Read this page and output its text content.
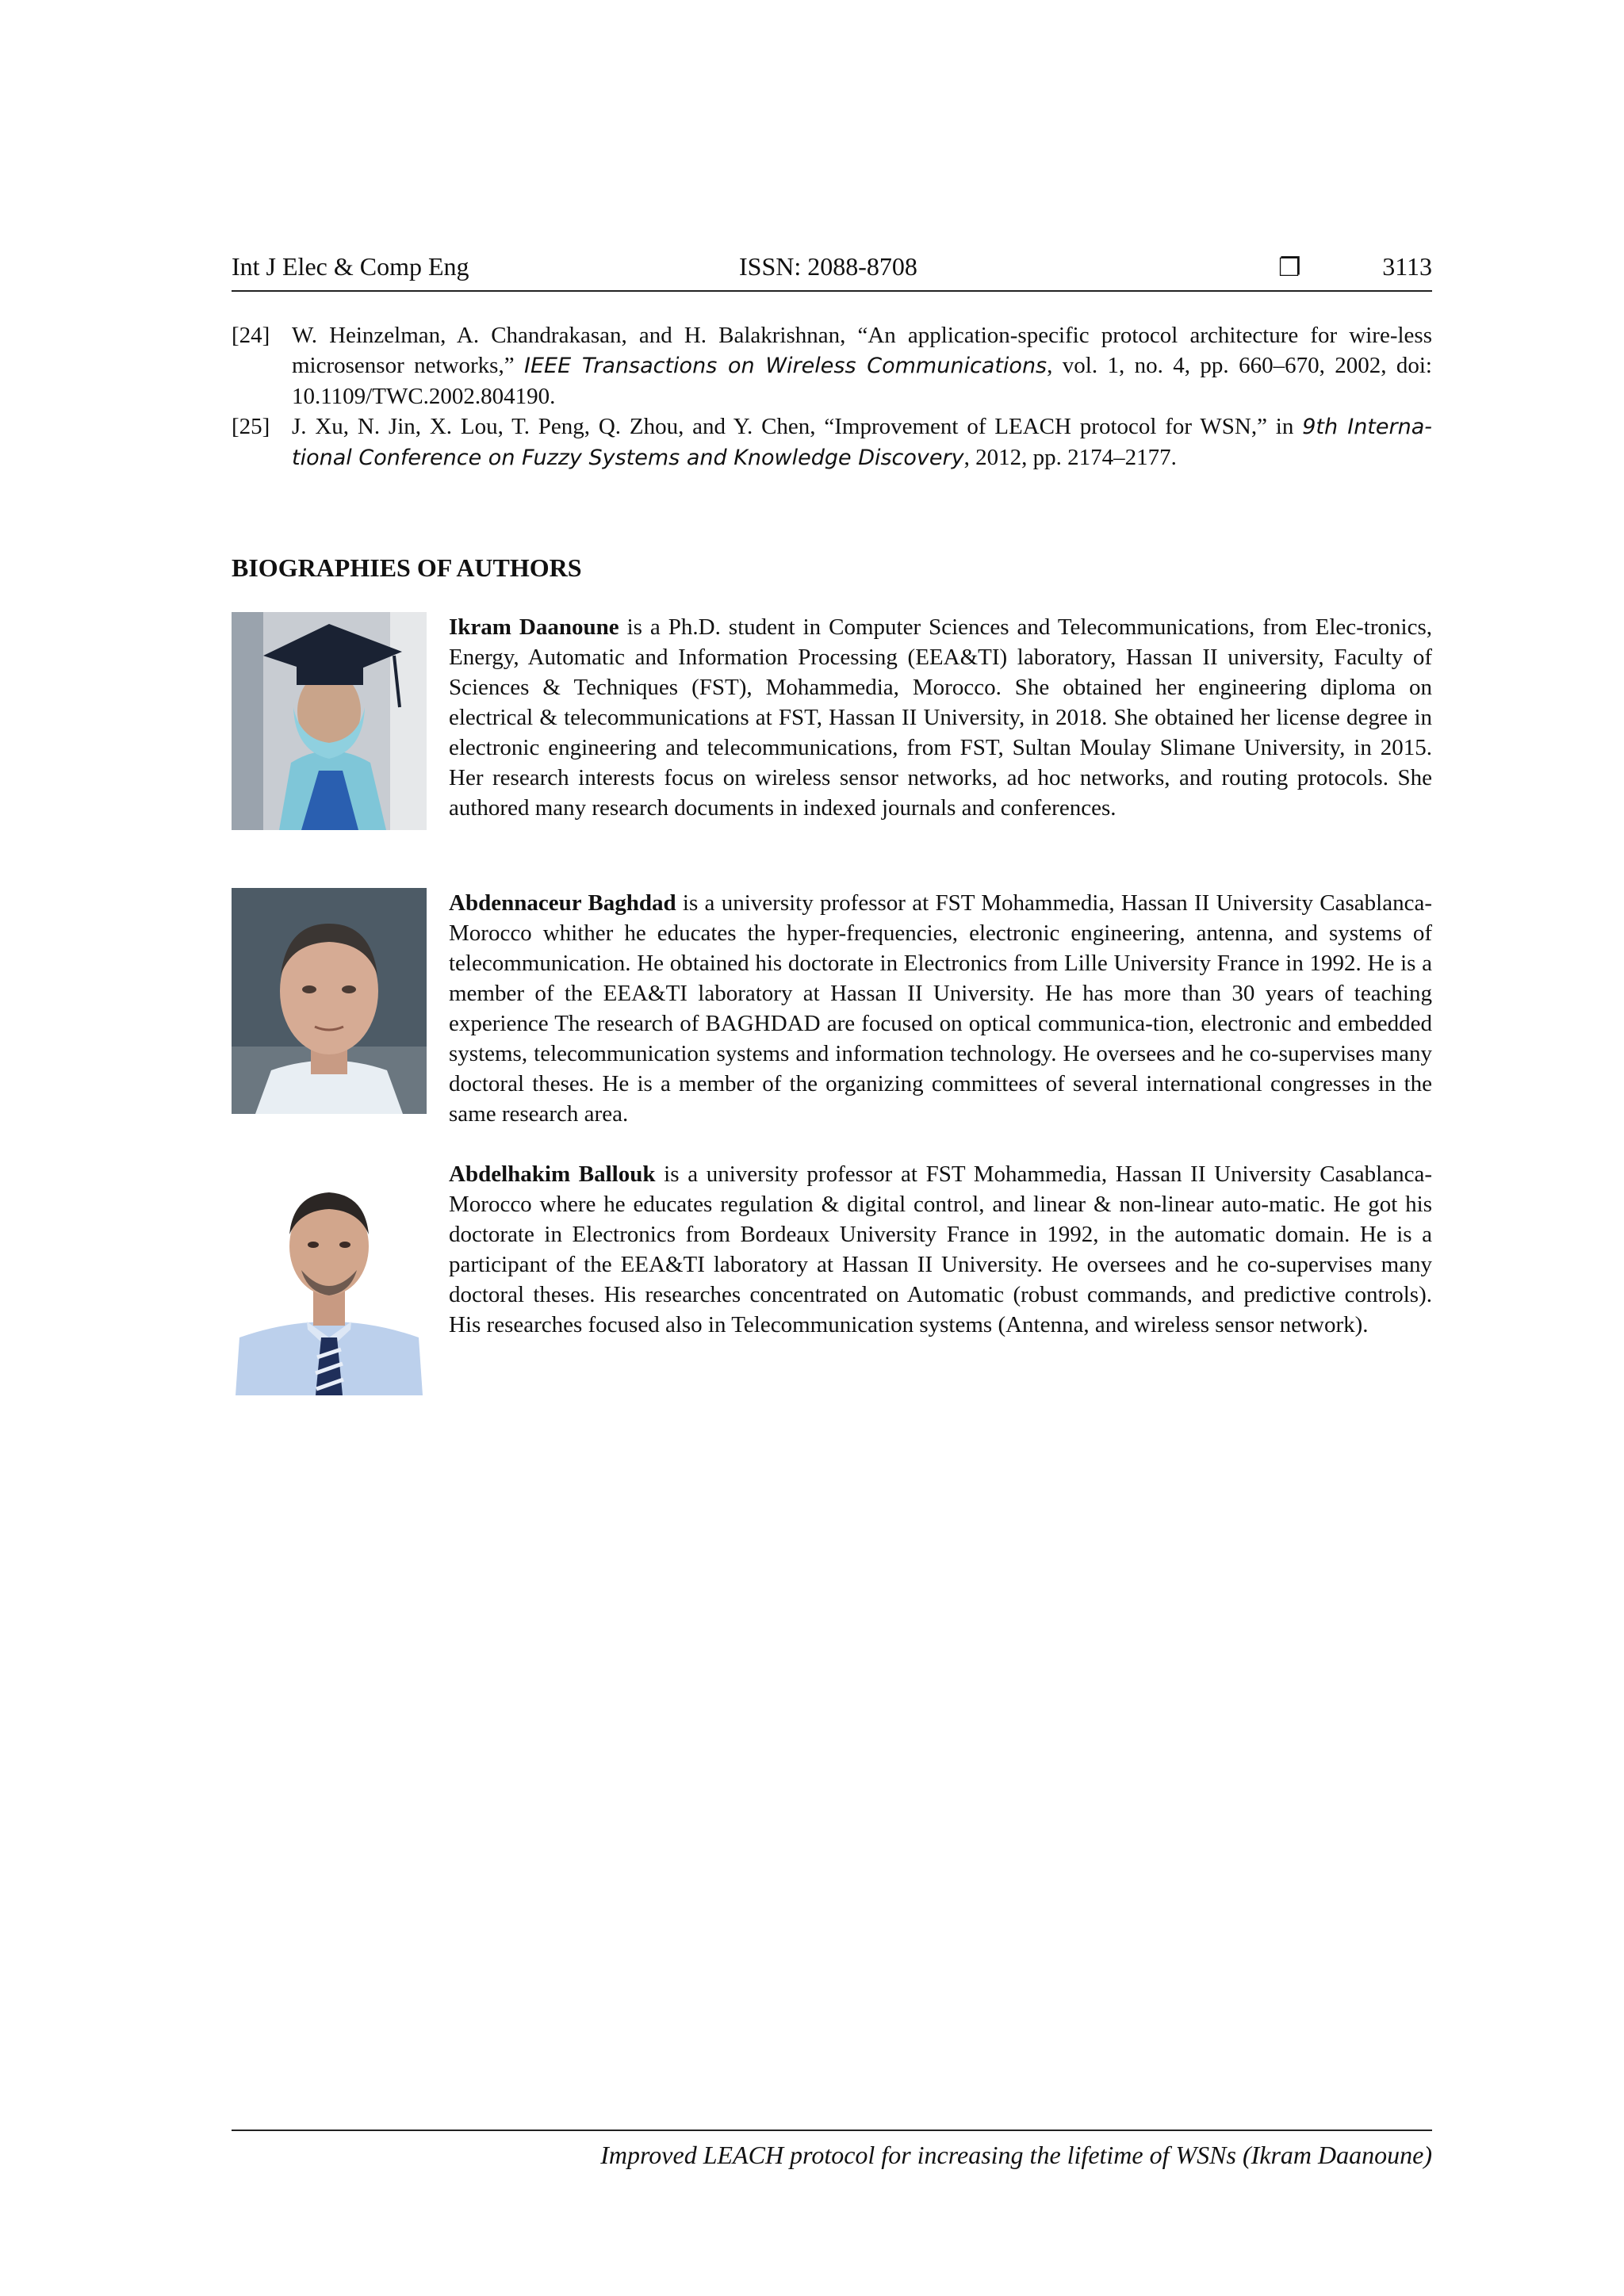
Int J Elec & Comp Eng	ISSN: 2088-8708	❐	3113
[24] W. Heinzelman, A. Chandrakasan, and H. Balakrishnan, “An application-specific protocol architecture for wire-less microsensor networks,” IEEE Transactions on Wireless Communications, vol. 1, no. 4, pp. 660–670, 2002, doi: 10.1109/TWC.2002.804190.
[25] J. Xu, N. Jin, X. Lou, T. Peng, Q. Zhou, and Y. Chen, “Improvement of LEACH protocol for WSN,” in 9th Interna-tional Conference on Fuzzy Systems and Knowledge Discovery, 2012, pp. 2174–2177.
BIOGRAPHIES OF AUTHORS

Ikram Daanoune is a Ph.D. student in Computer Sciences and Telecommunications, from Elec-tronics, Energy, Automatic and Information Processing (EEA&TI) laboratory, Hassan II university, Faculty of Sciences & Techniques (FST), Mohammedia, Morocco. She obtained her engineering diploma on electrical & telecommunications at FST, Hassan II University, in 2018. She obtained her license degree in electronic engineering and telecommunications, from FST, Sultan Moulay Slimane University, in 2015. Her research interests focus on wireless sensor networks, ad hoc networks, and routing protocols. She authored many research documents in indexed journals and conferences.

Abdennaceur Baghdad is a university professor at FST Mohammedia, Hassan II University Casablanca-Morocco whither he educates the hyper-frequencies, electronic engineering, antenna, and systems of telecommunication. He obtained his doctorate in Electronics from Lille University France in 1992. He is a member of the EEA&TI laboratory at Hassan II University. He has more than 30 years of teaching experience The research of BAGHDAD are focused on optical communica-tion, electronic and embedded systems, telecommunication systems and information technology. He oversees and he co-supervises many doctoral theses. He is a member of the organizing committees of several international congresses in the same research area.

Abdelhakim Ballouk is a university professor at FST Mohammedia, Hassan II University Casablanca-Morocco where he educates regulation & digital control, and linear & non-linear auto-matic. He got his doctorate in Electronics from Bordeaux University France in 1992, in the automatic domain. He is a participant of the EEA&TI laboratory at Hassan II University. He oversees and he co-supervises many doctoral theses. His researches concentrated on Automatic (robust commands, and predictive controls). His researches focused also in Telecommunication systems (Antenna, and wireless sensor network).

Improved LEACH protocol for increasing the lifetime of WSNs (Ikram Daanoune)
